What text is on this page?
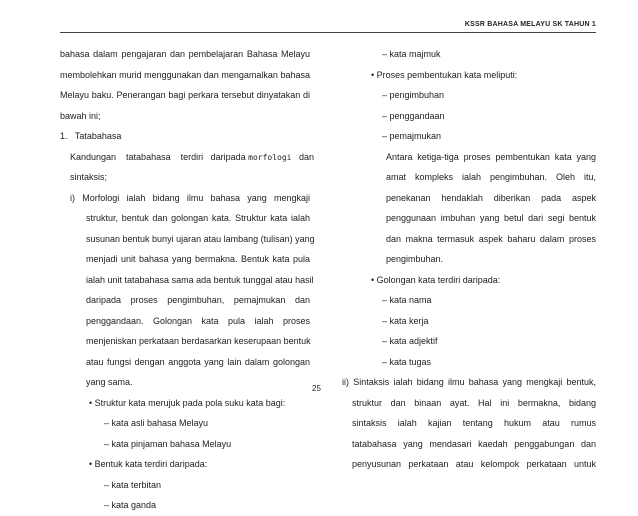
KSSR BAHASA MELAYU SK TAHUN 1
bahasa dalam pengajaran dan pembelajaran Bahasa Melayu
membolehkan murid menggunakan dan mengamalkan bahasa
Melayu baku. Penerangan bagi perkara tersebut dinyatakan di
bawah ini;
1.   Tatabahasa
Kandungan    tatabahasa    terdiri   daripada morfologi   dan
sintaksis;
i) Morfologi ialah bidang ilmu bahasa yang mengkaji
struktur, bentuk dan golongan kata. Struktur kata ialah
susunan bentuk bunyi ujaran atau lambang (tulisan) yang
menjadi unit bahasa yang bermakna. Bentuk kata pula
ialah unit tatabahasa sama ada bentuk tunggal atau hasil
daripada proses pengimbuhan, pemajmukan dan
penggandaan. Golongan kata pula ialah proses
menjeniskan perkataan berdasarkan keserupaan bentuk
atau fungsi dengan anggota yang lain dalam golongan
yang sama.
• Struktur kata merujuk pada pola suku kata bagi:
– kata asli bahasa Melayu
– kata pinjaman bahasa Melayu
• Bentuk kata terdiri daripada:
– kata terbitan
– kata ganda
– kata majmuk
• Proses pembentukan kata meliputi:
– pengimbuhan
– penggandaan
– pemajmukan
Antara ketiga-tiga proses pembentukan kata yang
amat kompleks ialah pengimbuhan. Oleh itu,
penekanan hendaklah diberikan pada aspek
penggunaan imbuhan yang betul dari segi bentuk
dan makna termasuk aspek baharu dalam proses
pengimbuhan.
• Golongan kata terdiri daripada:
– kata nama
– kata kerja
– kata adjektif
– kata tugas
ii) Sintaksis ialah bidang ilmu bahasa yang mengkaji bentuk,
struktur dan binaan ayat. Hal ini bermakna, bidang
sintaksis ialah kajian tentang hukum atau rumus
tatabahasa yang mendasari kaedah penggabungan dan
penyusunan perkataan atau kelompok perkataan untuk
25
